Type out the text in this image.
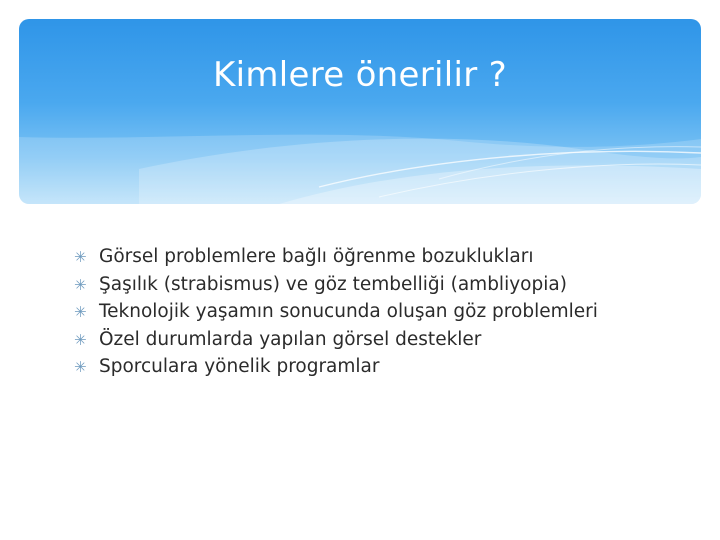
Kimlere önerilir ?
✳ Görsel problemlere bağlı öğrenme bozuklukları
✳ Şaşılık (strabismus) ve göz tembelliği (ambliyopia)
✳ Teknolojik yaşamın sonucunda oluşan göz problemleri
✳ Özel durumlarda yapılan görsel destekler
✳ Sporculara yönelik programlar
